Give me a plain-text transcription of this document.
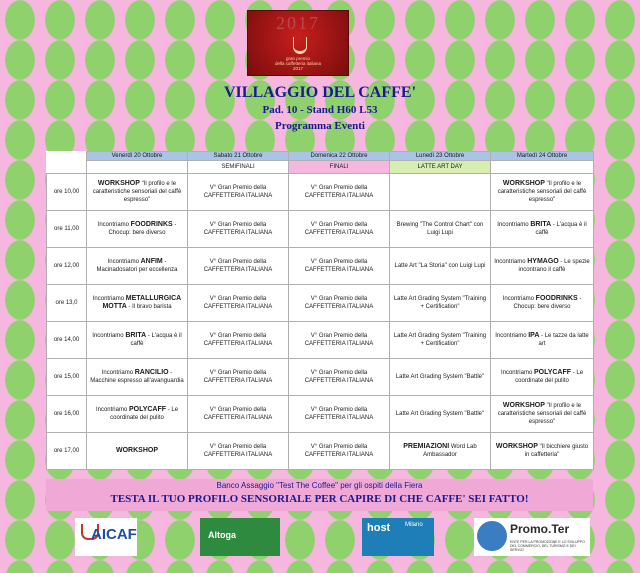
2017
gran premio
della caffetteria italiana
2017
VILLAGGIO DEL CAFFE'
Pad. 10 - Stand H60 L53
Programma Eventi
	Venerdì 20 Ottobre	Sabato 21 Ottobre	Domenica 22 Ottobre	Lunedì 23 Ottobre	Martedì 24 Ottobre
		SEMIFINALI	FINALI	LATTE ART DAY	
ore 10,00	WORKSHOP "Il profilo e le caratteristiche sensoriali del caffè espresso"	V° Gran Premio della CAFFETTERIA ITALIANA	V° Gran Premio della CAFFETTERIA ITALIANA		WORKSHOP "Il profilo e le caratteristiche sensoriali del caffè espresso"
ore 11,00	Incontriamo FOODRINKS - Chocup: bere diverso	V° Gran Premio della CAFFETTERIA ITALIANA	V° Gran Premio della CAFFETTERIA ITALIANA	Brewing "The Control Chart" con Luigi Lupi	Incontriamo BRITA - L'acqua è il caffè
ore 12,00	Incontriamo ANFIM - Macinadosatori per eccellenza	V° Gran Premio della CAFFETTERIA ITALIANA	V° Gran Premio della CAFFETTERIA ITALIANA	Latte Art "La Storia" con Luigi Lupi	Incontriamo HYMAGO - Le spezie incontrano il caffè
ore 13,0	Incontriamo METALLURGICA MOTTA - Il bravo barista	V° Gran Premio della CAFFETTERIA ITALIANA	V° Gran Premio della CAFFETTERIA ITALIANA	Latte Art Grading System "Training + Certification"	Incontriamo FOODRINKS - Chocup: bere diverso
ore 14,00	Incontriamo BRITA - L'acqua è il caffè	V° Gran Premio della CAFFETTERIA ITALIANA	V° Gran Premio della CAFFETTERIA ITALIANA	Latte Art Grading System "Training + Certification"	Incontriamo IPA - Le tazze da latte art
ore 15,00	Incontriamo RANCILIO - Macchine espresso all'avanguardia	V° Gran Premio della CAFFETTERIA ITALIANA	V° Gran Premio della CAFFETTERIA ITALIANA	Latte Art Grading System "Battle"	Incontriamo POLYCAFF - Le coordinate del pulito
ore 16,00	Incontriamo POLYCAFF - Le coordinate del pulito	V° Gran Premio della CAFFETTERIA ITALIANA	V° Gran Premio della CAFFETTERIA ITALIANA	Latte Art Grading System "Battle"	WORKSHOP "Il profilo e le caratteristiche sensoriali del caffè espresso"
ore 17,00	WORKSHOP	V° Gran Premio della CAFFETTERIA ITALIANA	V° Gran Premio della CAFFETTERIA ITALIANA	PREMIAZIONI Word Lab Ambassador	WORKSHOP "Il bicchiere giusto in caffetteria"
Banco Assaggio "Test The Coffee" per gli ospiti della Fiera
TESTA IL TUO PROFILO SENSORIALE PER CAPIRE DI CHE CAFFE' SEI FATTO!
AICAF	Altoga
host Milano	Promo.Ter
ENTE PER LA PROMOZIONE E LO SVILUPPO DEL COMMERCIO, DEL TURISMO E DEI SERVIZI
